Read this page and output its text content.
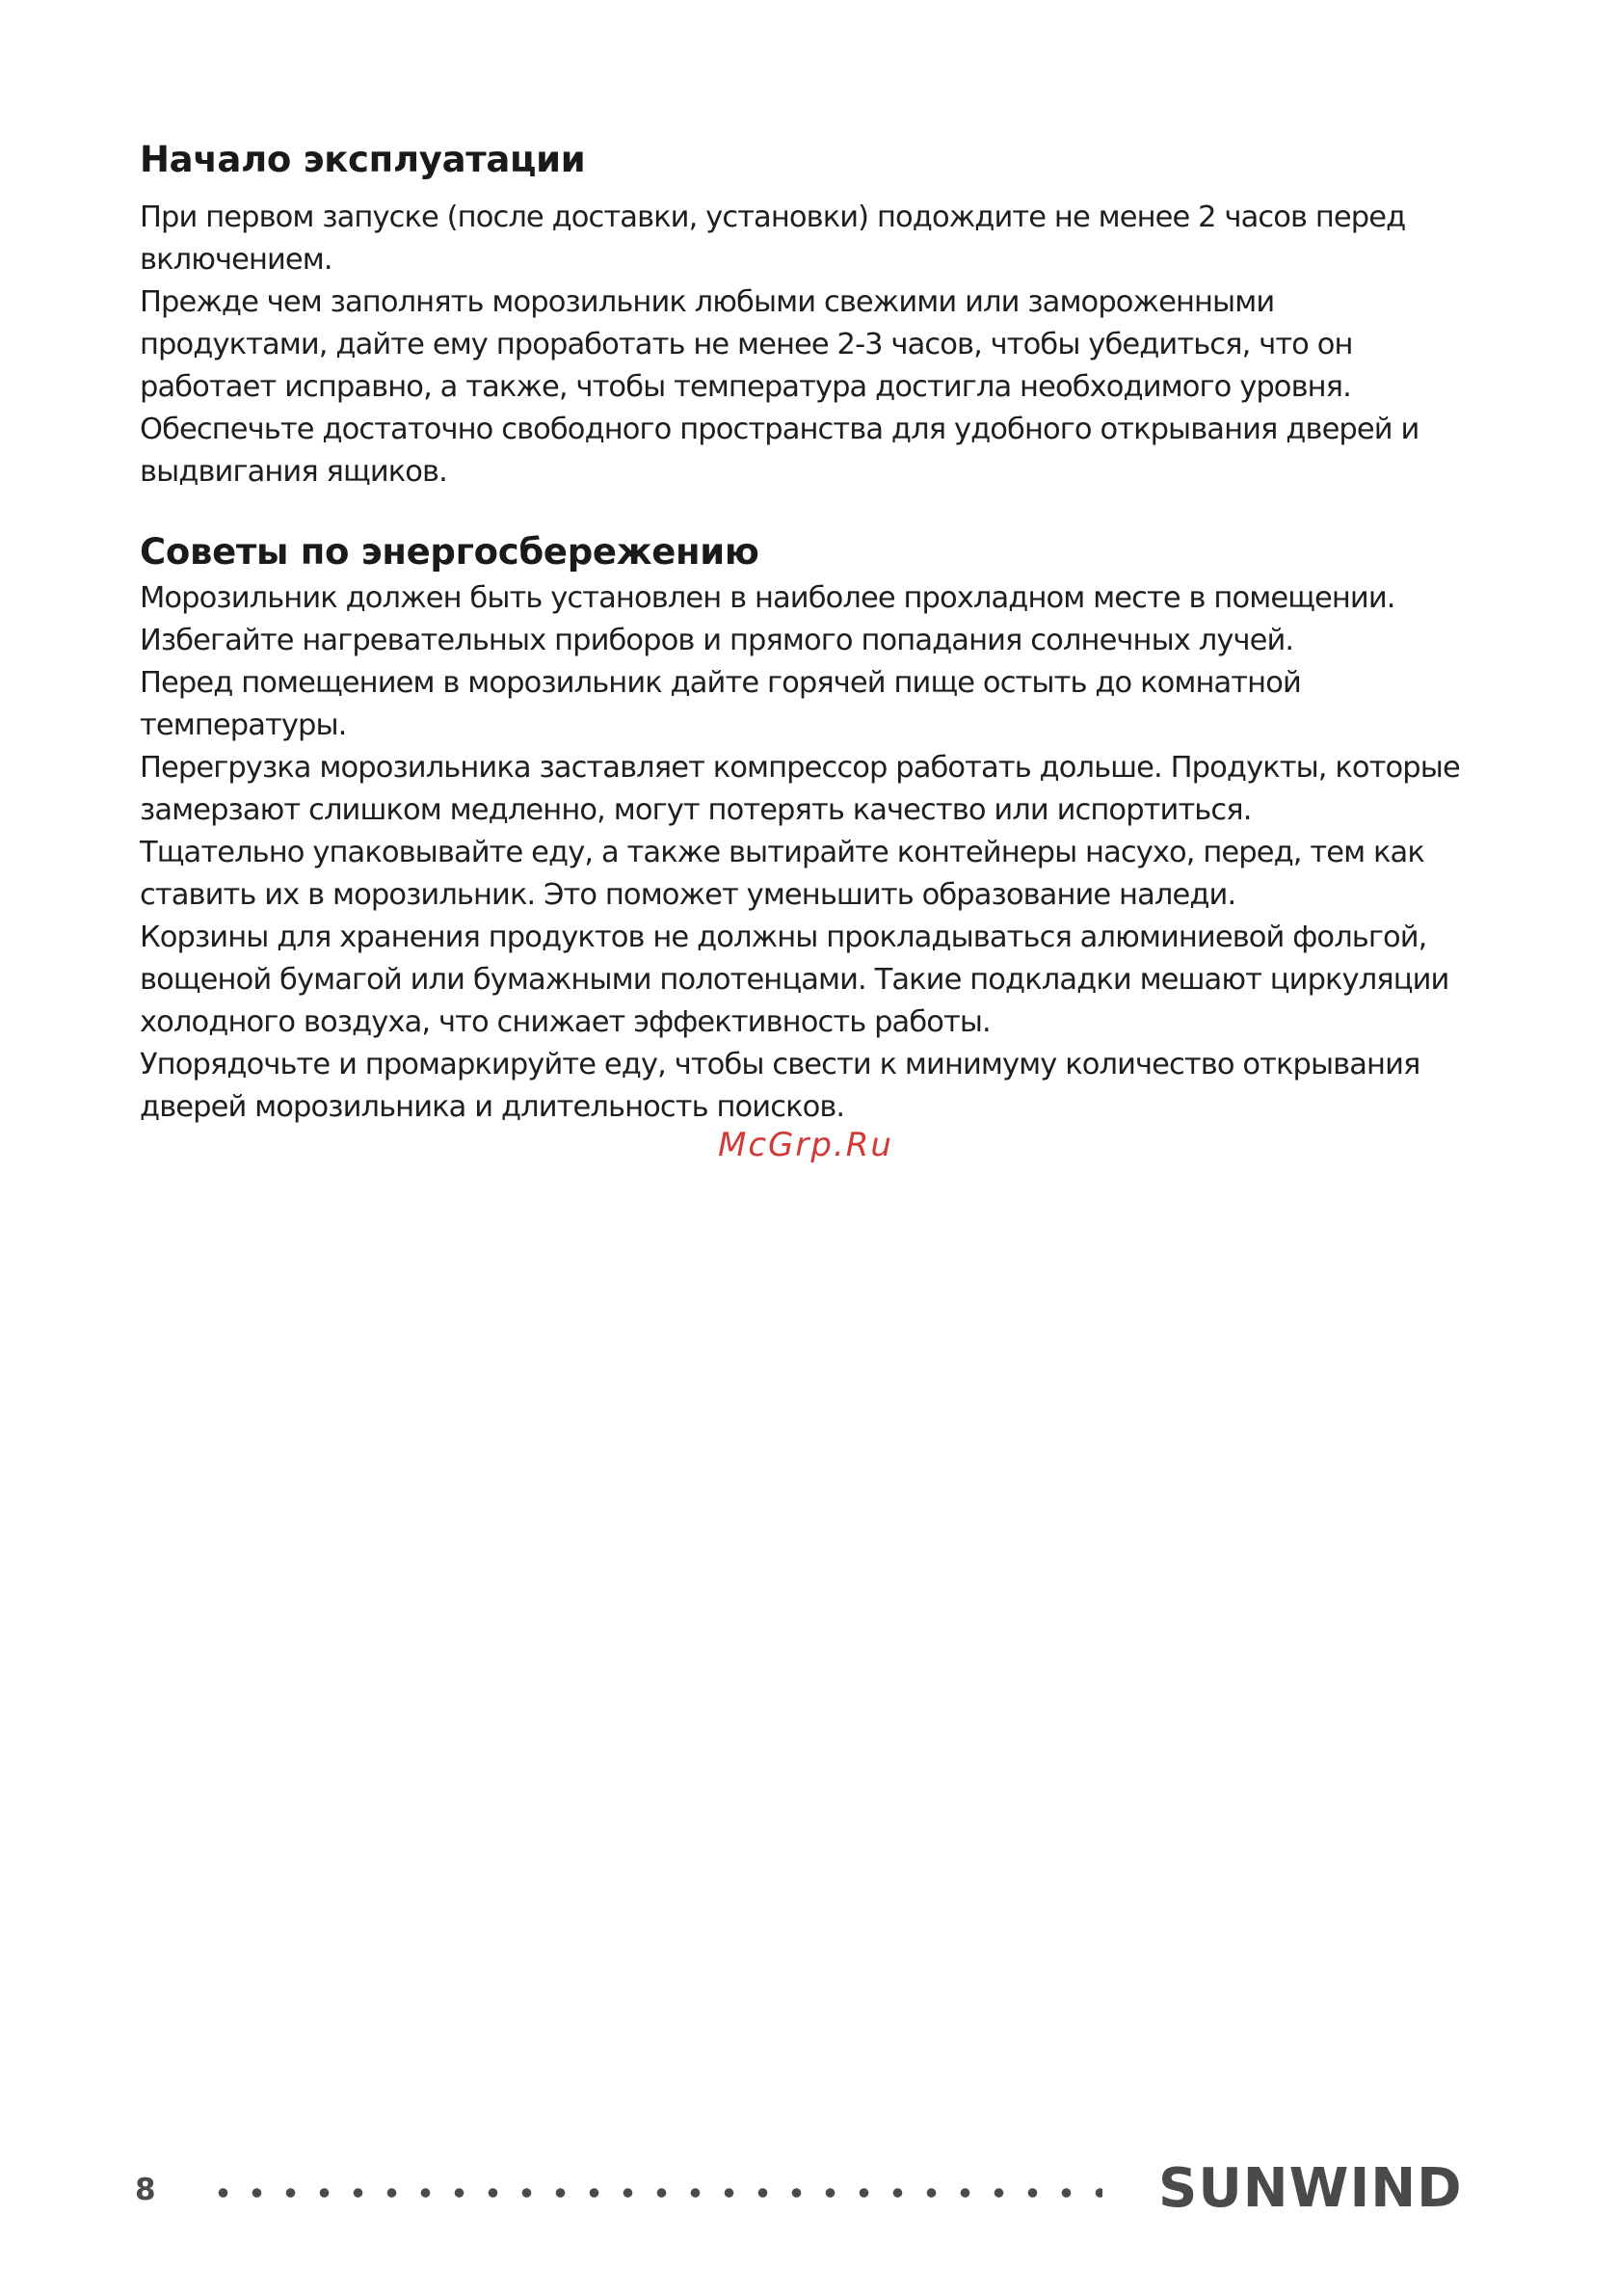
Начало эксплуатации

При первом запуске (после доставки, установки) подождите не менее 2 часов перед

включением.

Прежде чем заполнять морозильник любыми свежими или замороженными

продуктами, дайте ему проработать не менее 2-3 часов, чтобы убедиться, что он

работает исправно, а также, чтобы температура достигла необходимого уровня.

Обеспечьте достаточно свободного пространства для удобного открывания дверей и

выдвигания ящиков.

Советы по энергосбережению

Морозильник должен быть установлен в наиболее прохладном месте в помещении.

Избегайте нагревательных приборов и прямого попадания солнечных лучей.

Перед помещением в морозильник дайте горячей пище остыть до комнатной

температуры.

Перегрузка морозильника заставляет компрессор работать дольше. Продукты, которые

замерзают слишком медленно, могут потерять качество или испортиться.

Тщательно упаковывайте еду, а также вытирайте контейнеры насухо, перед, тем как

ставить их в морозильник. Это поможет уменьшить образование наледи.

Корзины для хранения продуктов не должны прокладываться алюминиевой фольгой,

вощеной бумагой или бумажными полотенцами. Такие подкладки мешают циркуляции

холодного воздуха, что снижает эффективность работы.

Упорядочьте и промаркируйте еду, чтобы свести к минимуму количество открывания

дверей морозильника и длительность поисков.

McGrp.Ru
8	SUNWIND
